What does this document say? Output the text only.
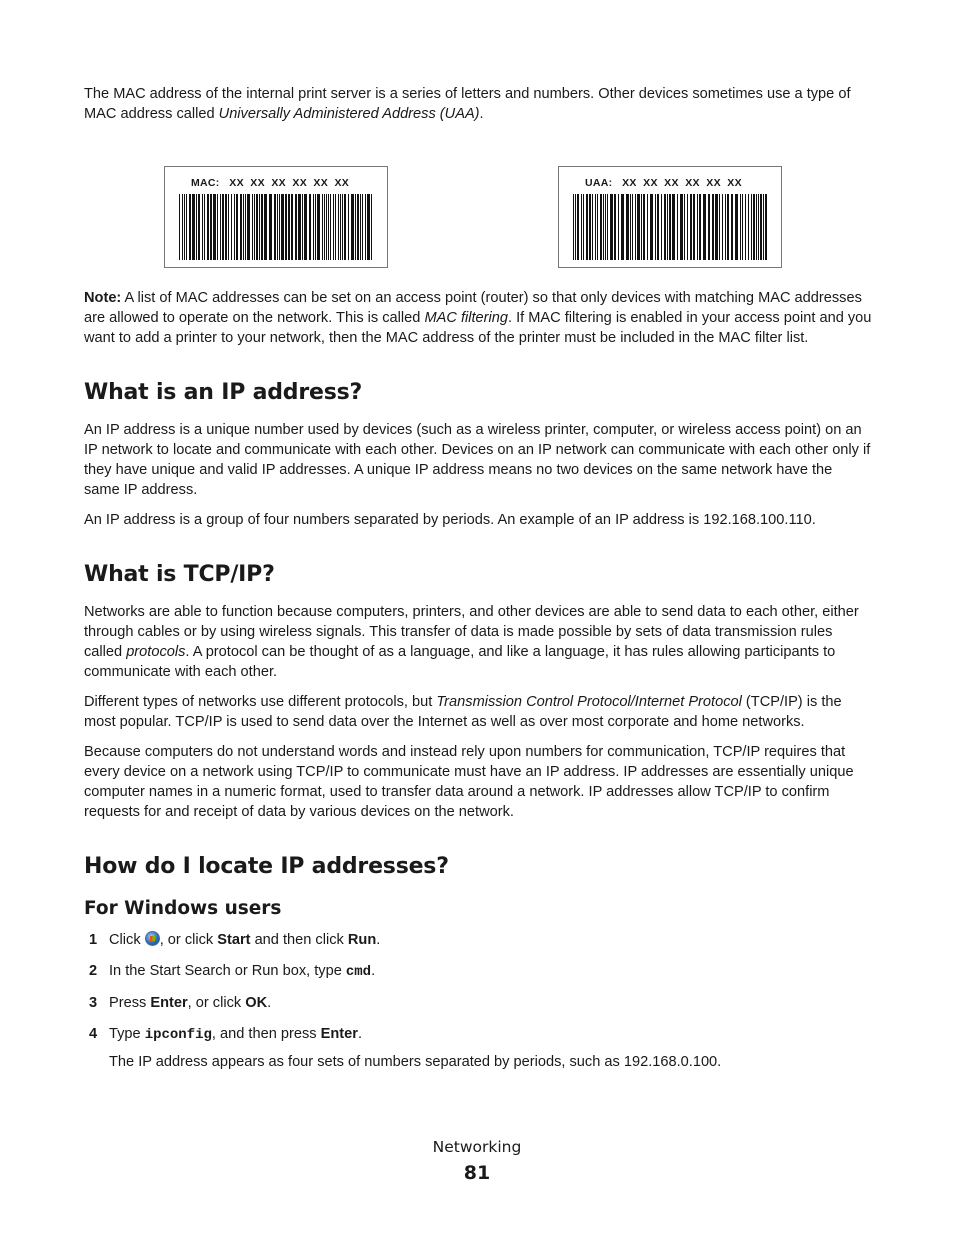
The MAC address of the internal print server is a series of letters and numbers. Other devices sometimes use a type of MAC address called Universally Administered Address (UAA).

MAC:   XX  XX  XX  XX  XX  XX	UAA:   XX  XX  XX  XX  XX  XX

Note: A list of MAC addresses can be set on an access point (router) so that only devices with matching MAC addresses are allowed to operate on the network. This is called MAC filtering. If MAC filtering is enabled in your access point and you want to add a printer to your network, then the MAC address of the printer must be included in the MAC filter list.

What is an IP address?

An IP address is a unique number used by devices (such as a wireless printer, computer, or wireless access point) on an IP network to locate and communicate with each other. Devices on an IP network can communicate with each other only if they have unique and valid IP addresses. A unique IP address means no two devices on the same network have the same IP address.

An IP address is a group of four numbers separated by periods. An example of an IP address is 192.168.100.110.

What is TCP/IP?

Networks are able to function because computers, printers, and other devices are able to send data to each other, either through cables or by using wireless signals. This transfer of data is made possible by sets of data transmission rules called protocols. A protocol can be thought of as a language, and like a language, it has rules allowing participants to communicate with each other.

Different types of networks use different protocols, but Transmission Control Protocol/Internet Protocol (TCP/IP) is the most popular. TCP/IP is used to send data over the Internet as well as over most corporate and home networks.

Because computers do not understand words and instead rely upon numbers for communication, TCP/IP requires that every device on a network using TCP/IP to communicate must have an IP address. IP addresses are essentially unique computer names in a numeric format, used to transfer data around a network. IP addresses allow TCP/IP to confirm requests for and receipt of data by various devices on the network.

How do I locate IP addresses?
For Windows users
1 Click , or click Start and then click Run.
2 In the Start Search or Run box, type cmd.
3 Press Enter, or click OK.
4 Type ipconfig, and then press Enter.

The IP address appears as four sets of numbers separated by periods, such as 192.168.0.100.

Networking
81
